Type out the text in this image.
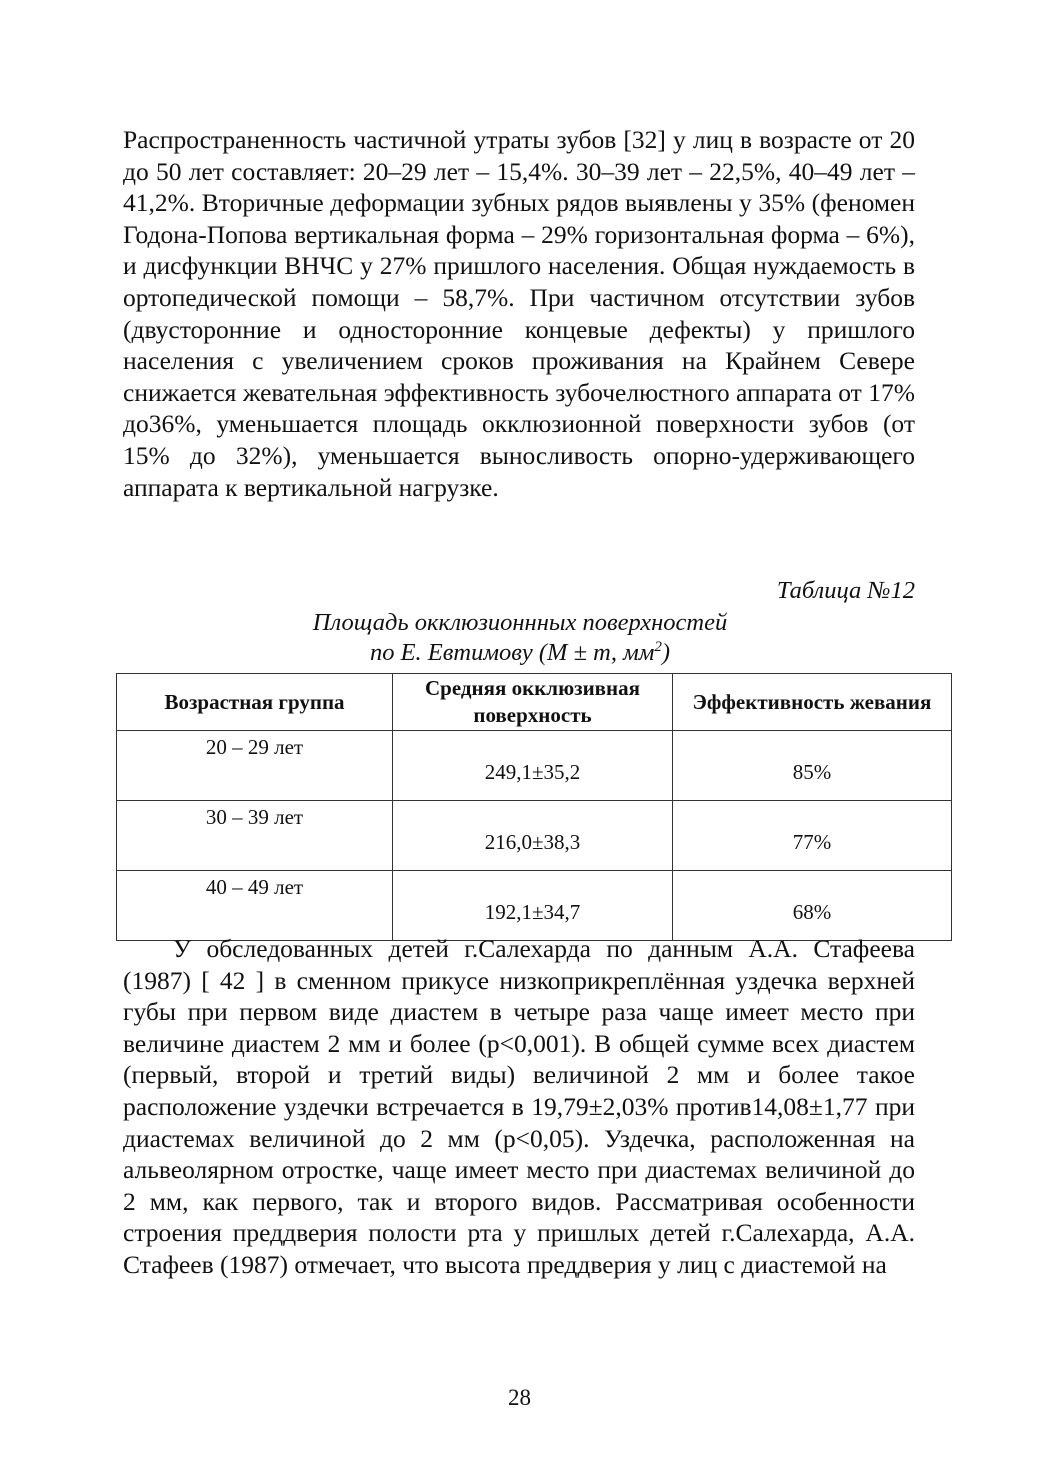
Распространенность частичной утраты зубов [32] у лиц в возрасте от 20 до 50 лет составляет: 20–29 лет – 15,4%. 30–39 лет – 22,5%, 40–49 лет – 41,2%. Вторичные деформации зубных рядов выявлены у 35% (феномен Годона-Попова вертикальная форма – 29% горизонтальная форма – 6%), и дисфункции ВНЧС у 27% пришлого населения. Общая нуждаемость в ортопедической помощи – 58,7%. При частичном отсутствии зубов (двусторонние и односторонние концевые дефекты) у пришлого населения с увеличением сроков проживания на Крайнем Севере снижается жевательная эффективность зубочелюстного аппарата от 17% до36%, уменьшается площадь окклюзионной поверхности зубов (от 15% до 32%), уменьшается выносливость опорно-удерживающего аппарата к вертикальной нагрузке.

Таблица №12

Площадь окклюзионнных поверхностей
по Е. Евтимову (М ± m, $мм^2$)

Возрастная группа	Средняя окклюзивная поверхность	Эффективность жевания
20 – 29 лет	249,1±35,2	85%
30 – 39 лет	216,0±38,3	77%
40 – 49 лет	192,1±34,7	68%

У обследованных детей г.Салехарда по данным А.А. Стафеева (1987) [ 42 ] в сменном прикусе низкоприкреплённая уздечка верхней губы при первом виде диастем в четыре раза чаще имеет место при величине диастем 2 мм и более (p<0,001). В общей сумме всех диастем (первый, второй и третий виды) величиной 2 мм и более такое расположение уздечки встречается в 19,79±2,03% против14,08±1,77 при диастемах величиной до 2 мм (p<0,05). Уздечка, расположенная на альвеолярном отростке, чаще имеет место при диастемах величиной до 2 мм, как первого, так и второго видов. Рассматривая особенности строения преддверия полости рта у пришлых детей г.Салехарда, А.А. Стафеев (1987) отмечает, что высота преддверия у лиц с диастемой на

28
